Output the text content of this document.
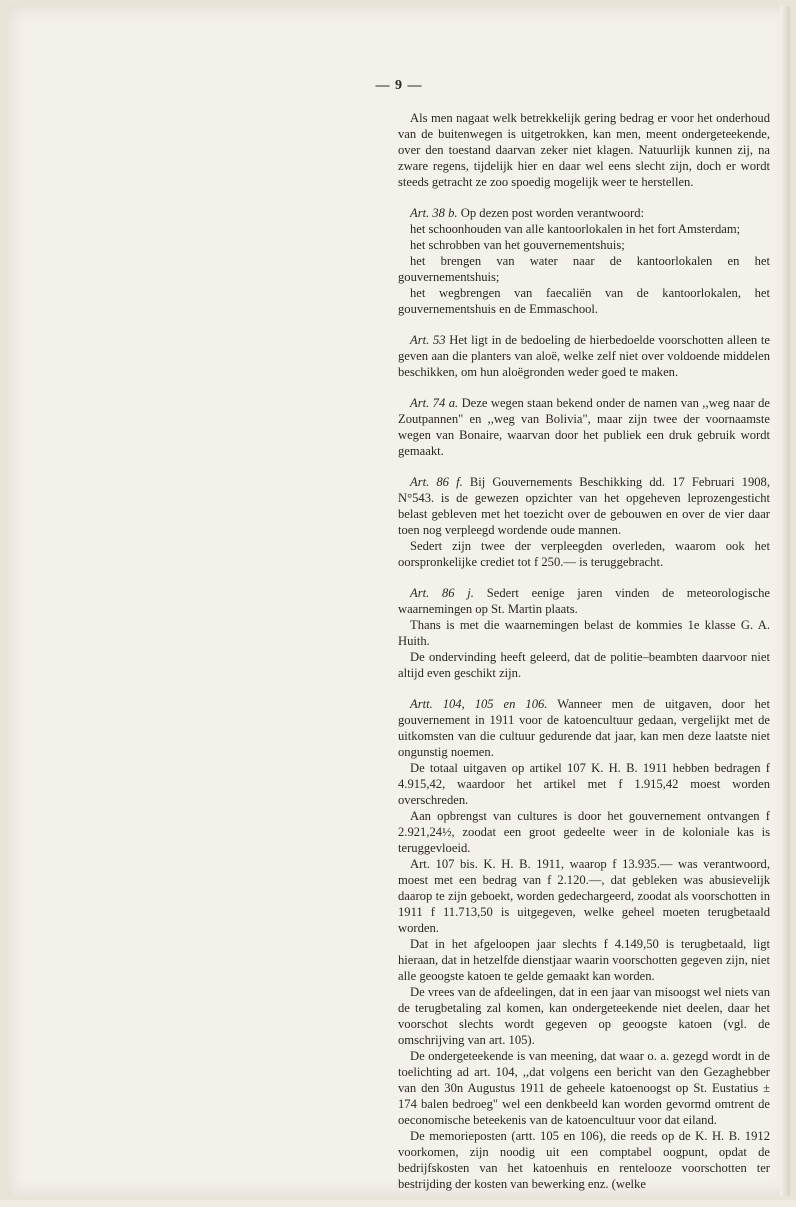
— 9 —

Als men nagaat welk betrekkelijk gering bedrag er voor het onderhoud van de buitenwegen is uitgetrokken, kan men, meent ondergeteekende, over den toestand daarvan zeker niet klagen. Natuurlijk kunnen zij, na zware regens, tijdelijk hier en daar wel eens slecht zijn, doch er wordt steeds getracht ze zoo spoedig mogelijk weer te herstellen.

Art. 38 b. Op dezen post worden verantwoord:

het schoonhouden van alle kantoorlokalen in het fort Amsterdam;

het schrobben van het gouvernementshuis;

het brengen van water naar de kantoorlokalen en het gouvernementshuis;

het wegbrengen van faecaliën van de kantoorlokalen, het gouvernementshuis en de Emmaschool.

Art. 53 Het ligt in de bedoeling de hierbedoelde voorschotten alleen te geven aan die planters van aloë, welke zelf niet over voldoende middelen beschikken, om hun aloëgronden weder goed te maken.

Art. 74 a. Deze wegen staan bekend onder de namen van ,,weg naar de Zoutpannen" en ,,weg van Bolivia", maar zijn twee der voornaamste wegen van Bonaire, waarvan door het publiek een druk gebruik wordt gemaakt.

Art. 86 f. Bij Gouvernements Beschikking dd. 17 Februari 1908, N°543. is de gewezen opzichter van het opgeheven leprozengesticht belast gebleven met het toezicht over de gebouwen en over de vier daar toen nog verpleegd wordende oude mannen.

Sedert zijn twee der verpleegden overleden, waarom ook het oorspronkelijke crediet tot f 250.— is teruggebracht.

Art. 86 j. Sedert eenige jaren vinden de meteorologische waarnemingen op St. Martin plaats.

Thans is met die waarnemingen belast de kommies 1e klasse G. A. Huith.

De ondervinding heeft geleerd, dat de politie–beambten daarvoor niet altijd even geschikt zijn.

Artt. 104, 105 en 106. Wanneer men de uitgaven, door het gouvernement in 1911 voor de katoencultuur gedaan, vergelijkt met de uitkomsten van die cultuur gedurende dat jaar, kan men deze laatste niet ongunstig noemen.

De totaal uitgaven op artikel 107 K. H. B. 1911 hebben bedragen f 4.915,42, waardoor het artikel met f 1.915,42 moest worden overschreden.

Aan opbrengst van cultures is door het gouvernement ontvangen f 2.921,24½, zoodat een groot gedeelte weer in de koloniale kas is teruggevloeid.

Art. 107 bis. K. H. B. 1911, waarop f 13.935.— was verantwoord, moest met een bedrag van f 2.120.—, dat gebleken was abusievelijk daarop te zijn geboekt, worden gedechargeerd, zoodat als voorschotten in 1911 f 11.713,50 is uitgegeven, welke geheel moeten terugbetaald worden.

Dat in het afgeloopen jaar slechts f 4.149,50 is terugbetaald, ligt hieraan, dat in hetzelfde dienstjaar waarin voorschotten gegeven zijn, niet alle geoogste katoen te gelde gemaakt kan worden.

De vrees van de afdeelingen, dat in een jaar van misoogst wel niets van de terugbetaling zal komen, kan ondergeteekende niet deelen, daar het voorschot slechts wordt gegeven op geoogste katoen (vgl. de omschrijving van art. 105).

De ondergeteekende is van meening, dat waar o. a. gezegd wordt in de toelichting ad art. 104, ,,dat volgens een bericht van den Gezaghebber van den 30n Augustus 1911 de geheele katoenoogst op St. Eustatius ± 174 balen bedroeg" wel een denkbeeld kan worden gevormd omtrent de oeconomische beteekenis van de katoencultuur voor dat eiland.

De memorieposten (artt. 105 en 106), die reeds op de K. H. B. 1912 voorkomen, zijn noodig uit een comptabel oogpunt, opdat de bedrijfskosten van het katoenhuis en rentelooze voorschotten ter bestrijding der kosten van bewerking enz. (welke
